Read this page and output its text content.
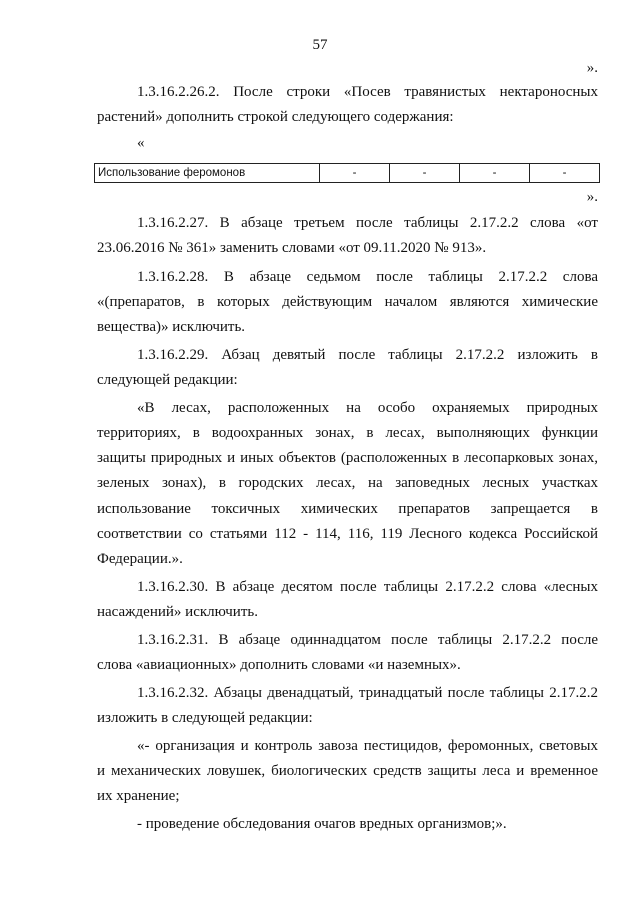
57
».
1.3.16.2.26.2. После строки «Посев травянистых нектароносных
растений» дополнить строкой следующего содержания:
«
Использование феромонов	-	-	-	-
».
1.3.16.2.27. В абзаце третьем после таблицы 2.17.2.2 слова «от
23.06.2016 № 361» заменить словами «от 09.11.2020 № 913».
1.3.16.2.28. В абзаце седьмом после таблицы 2.17.2.2 слова
«(препаратов, в которых действующим началом являются химические
вещества)» исключить.
1.3.16.2.29. Абзац девятый после таблицы 2.17.2.2 изложить в
следующей редакции:
«В лесах, расположенных на особо охраняемых природных
территориях, в водоохранных зонах, в лесах, выполняющих функции
защиты природных и иных объектов (расположенных в лесопарковых зонах,
зеленых зонах), в городских лесах, на заповедных лесных участках
использование токсичных химических препаратов запрещается в
соответствии со статьями 112 - 114, 116, 119 Лесного кодекса Российской
Федерации.».
1.3.16.2.30. В абзаце десятом после таблицы 2.17.2.2 слова «лесных
насаждений» исключить.
1.3.16.2.31. В абзаце одиннадцатом после таблицы 2.17.2.2 после
слова «авиационных» дополнить словами «и наземных».
1.3.16.2.32. Абзацы двенадцатый, тринадцатый после таблицы 2.17.2.2
изложить в следующей редакции:
«- организация и контроль завоза пестицидов, феромонных, световых
и механических ловушек, биологических средств защиты леса и временное
их хранение;
- проведение обследования очагов вредных организмов;».
